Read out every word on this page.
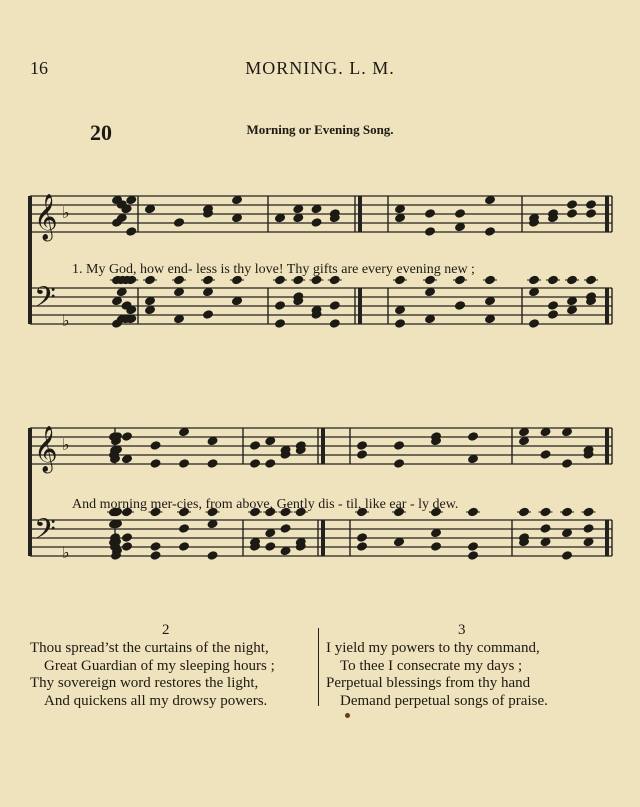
16	MORNING. L. M.
20	Morning or Evening Song.
𝄞
𝄢
♭
♭
𝄞
𝄢
♭
♭
1. My God, how end- less is thy love! Thy gifts are every evening new ;
And morning mer-cies, from above, Gently dis - til, like ear - ly dew.
2	3
Thou spread’st the curtains of the night,
Great Guardian of my sleeping hours ;
Thy sovereign word restores the light,
And quickens all my drowsy powers.
I yield my powers to thy command,
To thee I consecrate my days ;
Perpetual blessings from thy hand
Demand perpetual songs of praise.
